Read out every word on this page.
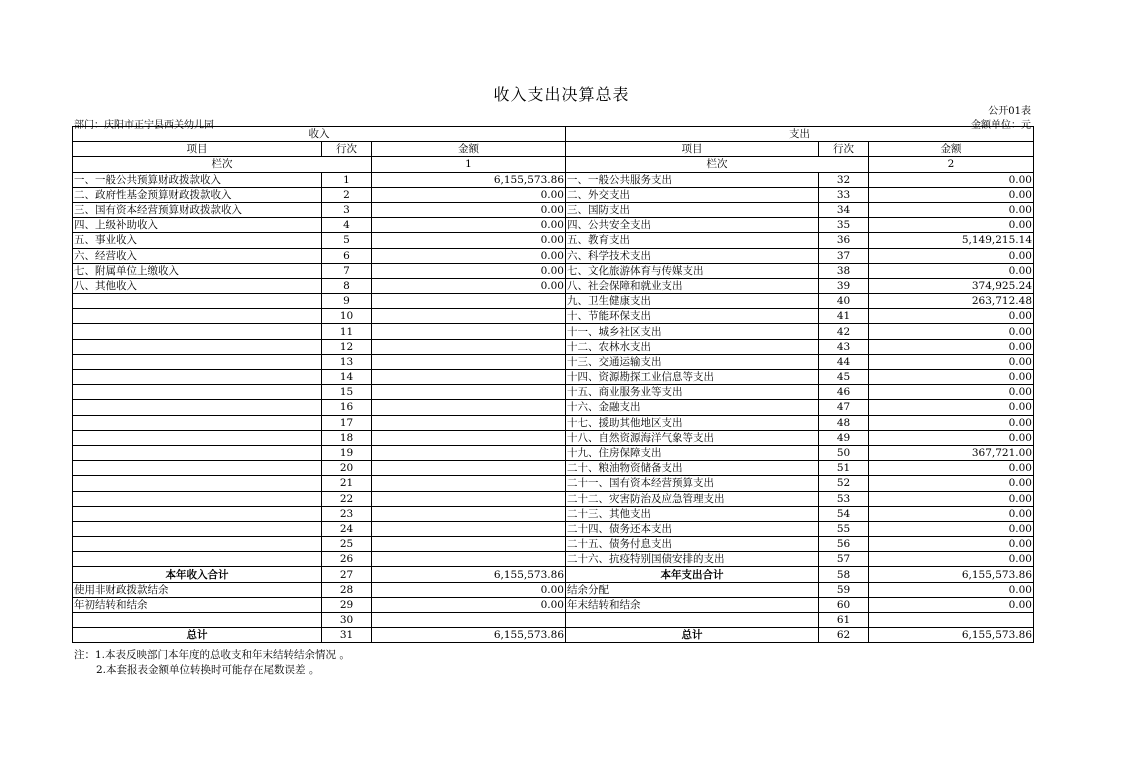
收入支出决算总表
公开01表
部门：庆阳市正宁县西关幼儿园	金额单位：元
收入			支出		
项目	行次	金额	项目	行次	金额
栏次		1	栏次		2
一、一般公共预算财政拨款收入	1	6,155,573.86	一、一般公共服务支出	32	0.00
二、政府性基金预算财政拨款收入	2	0.00	二、外交支出	33	0.00
三、国有资本经营预算财政拨款收入	3	0.00	三、国防支出	34	0.00
四、上级补助收入	4	0.00	四、公共安全支出	35	0.00
五、事业收入	5	0.00	五、教育支出	36	5,149,215.14
六、经营收入	6	0.00	六、科学技术支出	37	0.00
七、附属单位上缴收入	7	0.00	七、文化旅游体育与传媒支出	38	0.00
八、其他收入	8	0.00	八、社会保障和就业支出	39	374,925.24
	9		九、卫生健康支出	40	263,712.48
	10		十、节能环保支出	41	0.00
	11		十一、城乡社区支出	42	0.00
	12		十二、农林水支出	43	0.00
	13		十三、交通运输支出	44	0.00
	14		十四、资源勘探工业信息等支出	45	0.00
	15		十五、商业服务业等支出	46	0.00
	16		十六、金融支出	47	0.00
	17		十七、援助其他地区支出	48	0.00
	18		十八、自然资源海洋气象等支出	49	0.00
	19		十九、住房保障支出	50	367,721.00
	20		二十、粮油物资储备支出	51	0.00
	21		二十一、国有资本经营预算支出	52	0.00
	22		二十二、灾害防治及应急管理支出	53	0.00
	23		二十三、其他支出	54	0.00
	24		二十四、债务还本支出	55	0.00
	25		二十五、债务付息支出	56	0.00
	26		二十六、抗疫特别国债安排的支出	57	0.00
本年收入合计	27	6,155,573.86	本年支出合计	58	6,155,573.86
使用非财政拨款结余	28	0.00	结余分配	59	0.00
年初结转和结余	29	0.00	年末结转和结余	60	0.00
	30			61	
总计	31	6,155,573.86	总计	62	6,155,573.86
注：1.本表反映部门本年度的总收支和年末结转结余情况 。
2.本套报表金额单位转换时可能存在尾数误差 。
